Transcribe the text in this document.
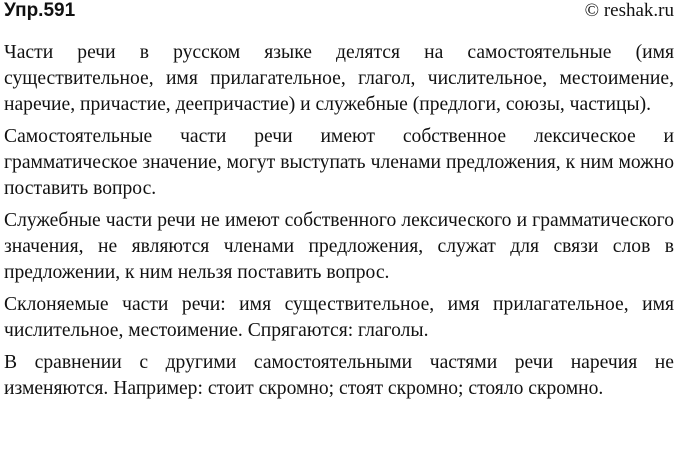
Упр.591	© reshak.ru

Части речи в русском языке делятся на самостоятельные (имя существительное, имя прилагательное, глагол, числительное, местоимение, наречие, причастие, деепричастие) и служебные (предлоги, союзы, частицы).

Самостоятельные части речи имеют собственное лексическое и грамматическое значение, могут выступать членами предложения, к ним можно поставить вопрос.

Служебные части речи не имеют собственного лексического и грамматического значения, не являются членами предложения, служат для связи слов в предложении, к ним нельзя поставить вопрос.

Склоняемые части речи: имя существительное, имя прилагательное, имя числительное, местоимение. Спрягаются: глаголы.

В сравнении с другими самостоятельными частями речи наречия не изменяются. Например: стоит скромно; стоят скромно; стояло скромно.
